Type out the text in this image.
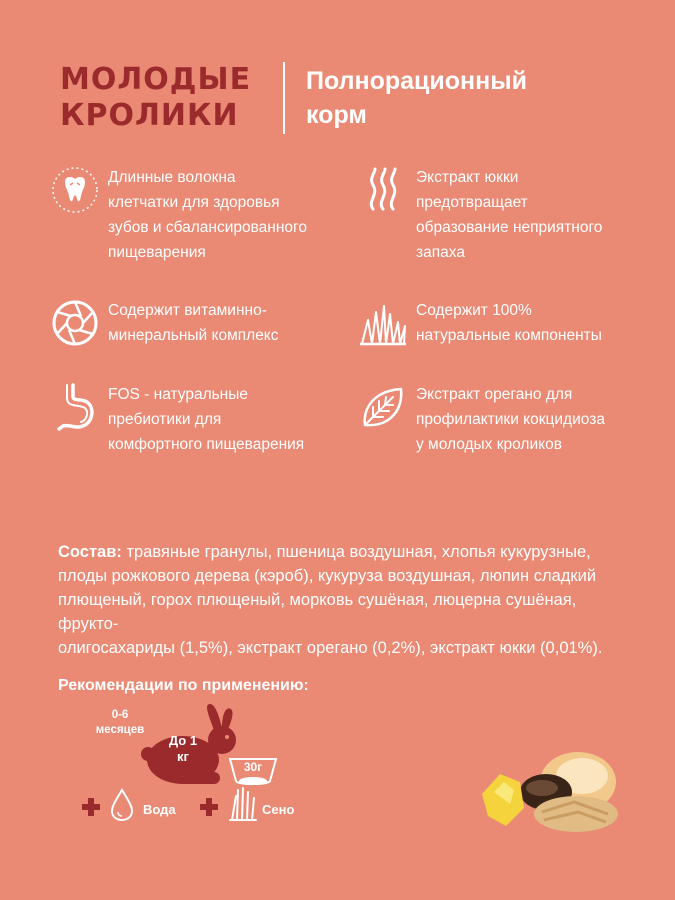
МОЛОДЫЕ
КРОЛИКИ
Полнорационный
корм
Длинные волокна
клетчатки для здоровья
зубов и сбалансированного
пищеварения
Экстракт юкки
предотвращает
образование неприятного
запаха
Содержит витаминно-
минеральный комплекс
Содержит 100%
натуральные компоненты
FOS - натуральные
пребиотики для
комфортного пищеварения
Экстракт орегано для
профилактики кокцидиоза
у молодых кроликов
Состав: травяные гранулы, пшеница воздушная, хлопья кукурузные,
плоды рожкового дерева (кэроб), кукуруза воздушная, люпин сладкий
плющеный, горох плющеный, морковь сушёная, люцерна сушёная, фрукто-
олигосахариды (1,5%), экстракт орегано (0,2%), экстракт юкки (0,01%).
Рекомендации по применению:
0-6
месяцев
До 1
кг
30г
Вода	Сено
